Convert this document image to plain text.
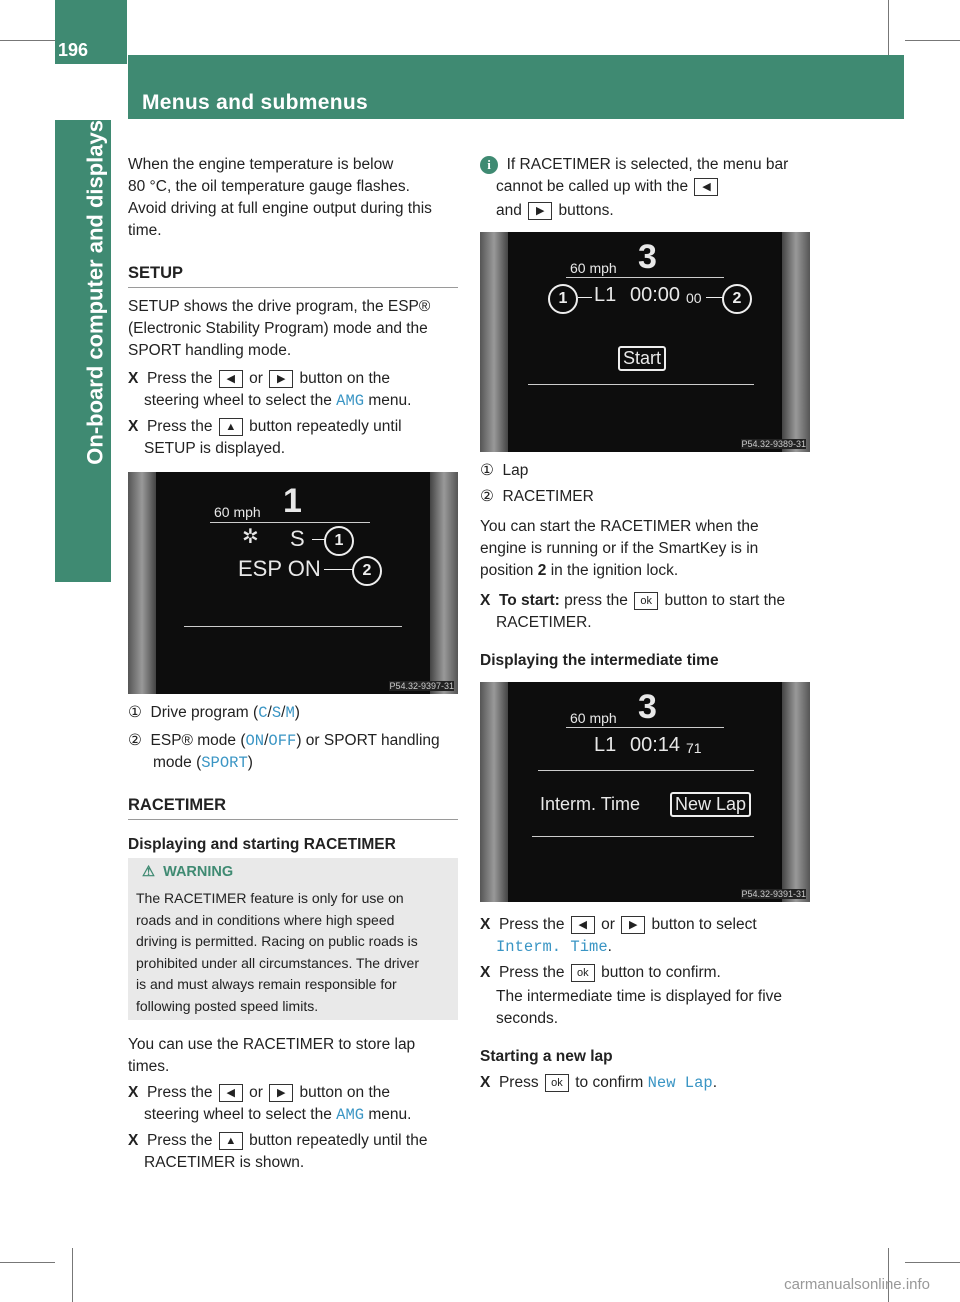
196
Menus and submenus
On-board computer and displays When the engine temperature is below
80 °C, the oil temperature gauge flashes.
Avoid driving at full engine output during this
time.
SETUP
SETUP shows the drive program, the ESP®
(Electronic Stability Program) mode and the
SPORT handling mode.
X Press the ◀ or ▶ button on the
steering wheel to select the AMG menu.
X Press the ▲ button repeatedly until
SETUP is displayed.
60 mph 1
✲ S	1
ESP ON	2
P54.32-9397-31
①  Drive program (C/S/M)
②  ESP® mode (ON/OFF) or SPORT handling
mode (SPORT)
RACETIMER
Displaying and starting RACETIMER
⚠ WARNING
The RACETIMER feature is only for use on
roads and in conditions where high speed
driving is permitted. Racing on public roads is
prohibited under all circumstances. The driver
is and must always remain responsible for
following posted speed limits.
You can use the RACETIMER to store lap
times.
X Press the ◀ or ▶ button on the
steering wheel to select the AMG menu.
X Press the ▲ button repeatedly until the
RACETIMER is shown.
i If RACETIMER is selected, the menu bar
cannot be called up with the ◀
and ▶ buttons.
60 mph 3
1	L1 00:00 00	2
Start
P54.32-9389-31
①  Lap
②  RACETIMER
You can start the RACETIMER when the
engine is running or if the SmartKey is in
position 2 in the ignition lock.
X To start: press the ok button to start the
RACETIMER.
Displaying the intermediate time
60 mph 3
L1 00:14 71
Interm. Time New Lap
P54.32-9391-31
X Press the ◀ or ▶ button to select
Interm. Time.
X Press the ok button to confirm.
The intermediate time is displayed for five
seconds.
Starting a new lap
X Press ok to confirm New Lap.
carmanualsonline.info
